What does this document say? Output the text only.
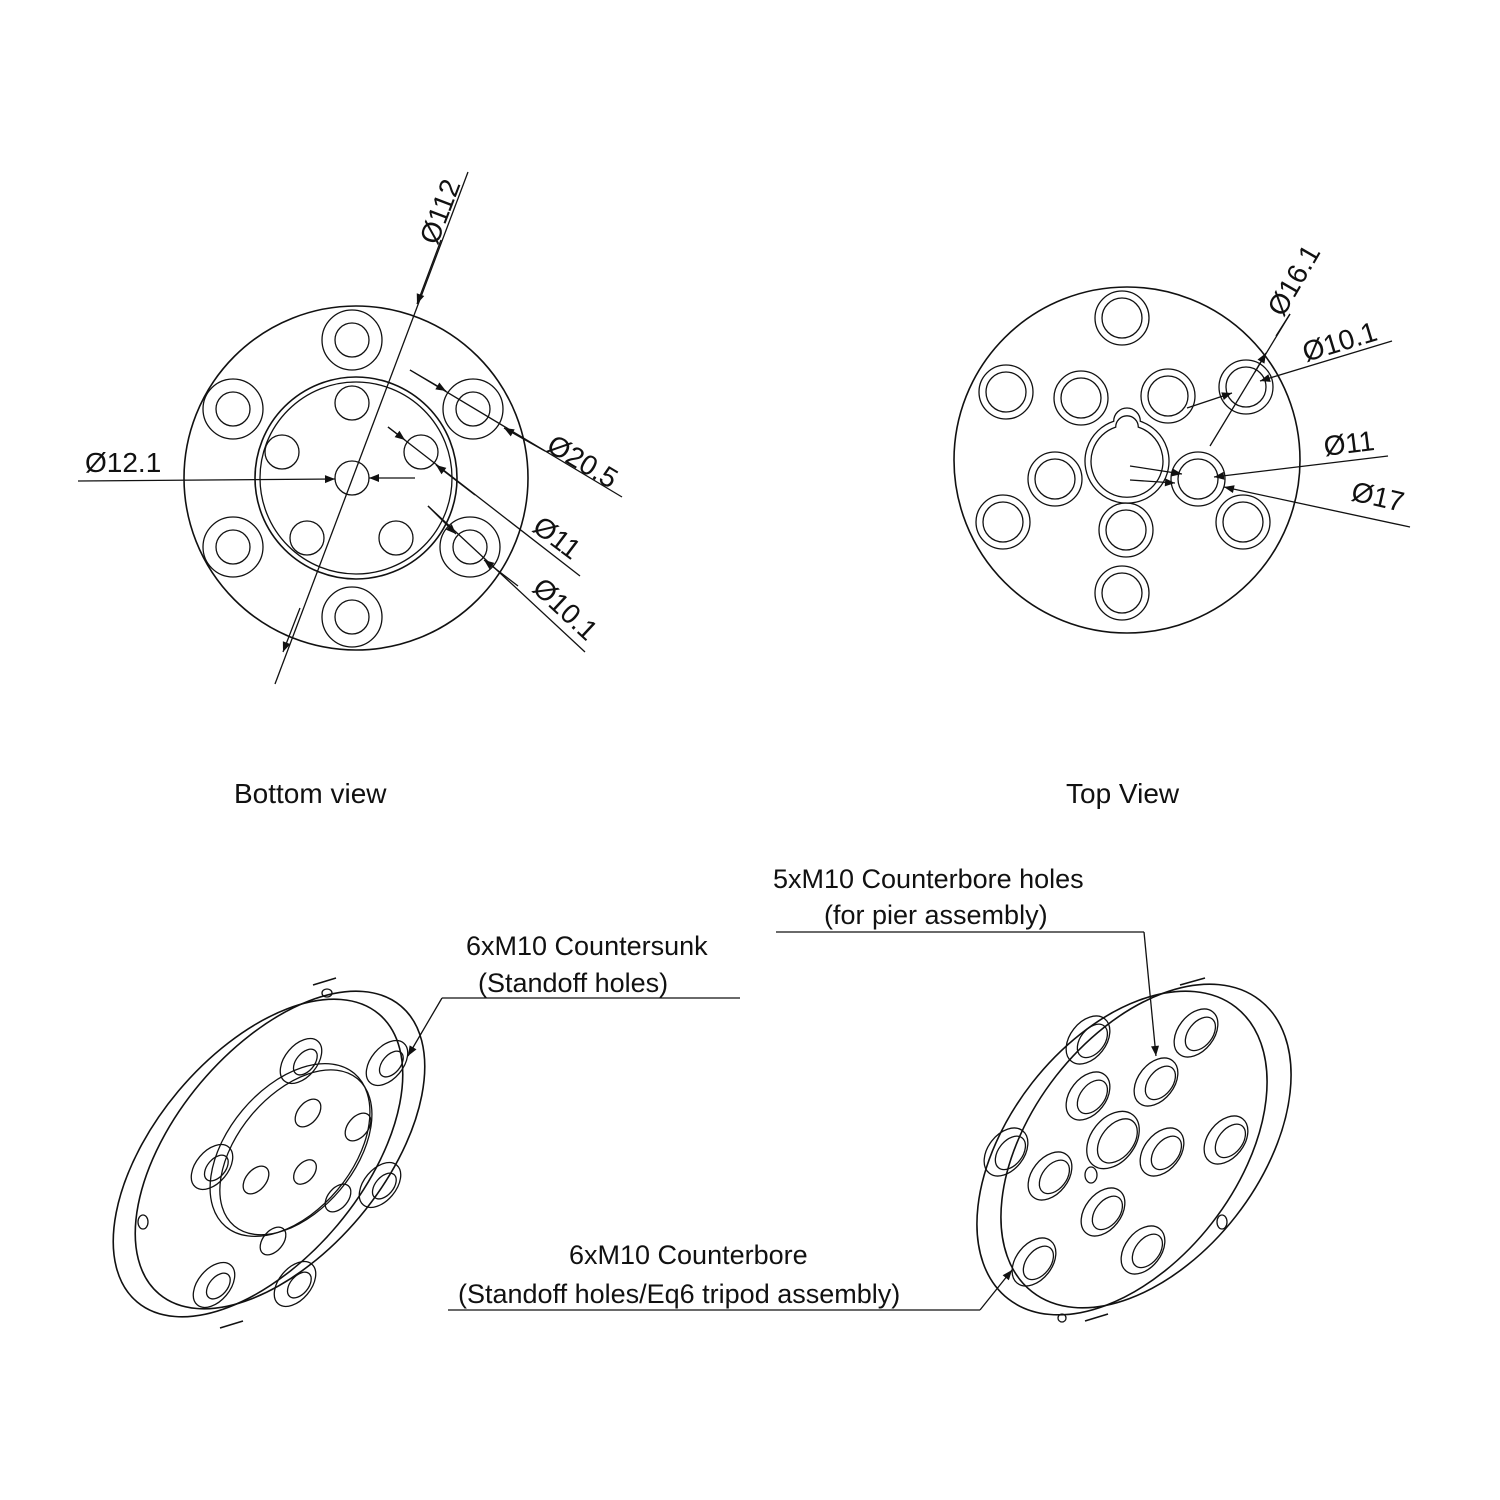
Ø112
Ø12.1	Ø20.5
Ø11
Ø10.1
Bottom view
Ø16.1
Ø10.1
Ø11
Ø17
Top View
6xM10 Countersunk
(Standoff holes)
5xM10 Counterbore holes
(for pier assembly)
6xM10 Counterbore
(Standoff holes/Eq6 tripod assembly)
